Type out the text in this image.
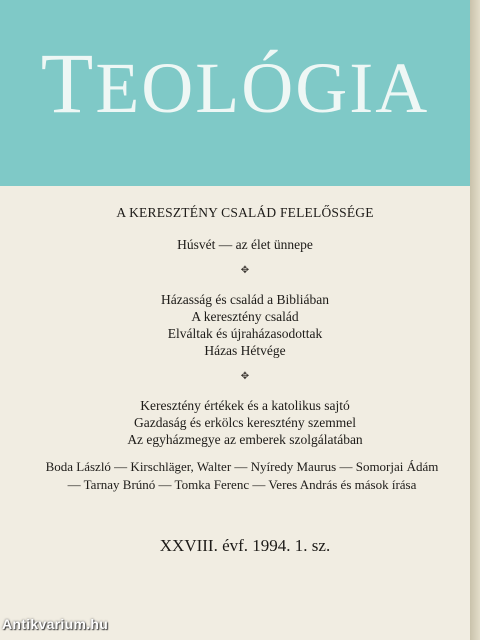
TEOLÓGIA

A KERESZTÉNY CSALÁD FELELŐSSÉGE

Húsvét — az élet ünnepe

✥

Házasság és család a Bibliában

A keresztény család

Elváltak és újraházasodottak

Házas Hétvége

✥

Keresztény értékek és a katolikus sajtó

Gazdaság és erkölcs keresztény szemmel

Az egyházmegye az emberek szolgálatában

Boda László — Kirschläger, Walter — Nyíredy Maurus — Somorjai Ádám

— Tarnay Brúnó — Tomka Ferenc — Veres András és mások írása

XXVIII. évf. 1994. 1. sz.
Antikvarium.hu
